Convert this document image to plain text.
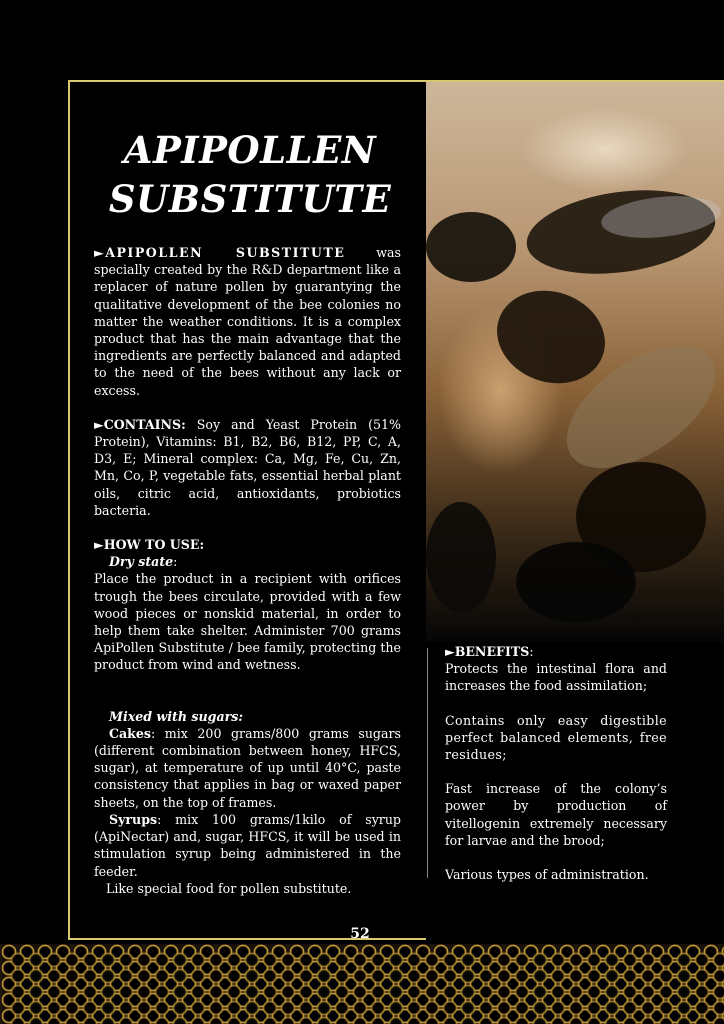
APIPOLLEN
SUBSTITUTE

►APIPOLLEN SUBSTITUTE was specially created by the R&D department like a replacer of nature pollen by guarantying the qualitative development of the bee colonies no matter the weather conditions. It is a complex product that has the main advantage that the ingredients are perfectly balanced and adapted to the need of the bees without any lack or excess.

►CONTAINS: Soy and Yeast Protein (51% Protein), Vitamins: B1, B2, B6, B12, PP, C, A, D3, E; Mineral complex: Ca, Mg, Fe, Cu, Zn, Mn, Co, P, vegetable fats, essential herbal plant oils, citric acid, antioxidants, probiotics bacteria.

►HOW TO USE:

Dry state:

Place the product in a recipient with orifices trough the bees circulate, provided with a few wood pieces or nonskid material, in order to help them take shelter. Administer 700 grams ApiPollen Substitute / bee family, protecting the product from wind and wetness.

Mixed with sugars:

Cakes: mix 200 grams/800 grams sugars (different combination between honey, HFCS, sugar), at temperature of up until 40°C, paste consistency that applies in bag or waxed paper sheets, on the top of frames.

Syrups: mix 100 grams/1kilo of syrup (ApiNectar) and, sugar, HFCS, it will be used in stimulation syrup being administered in the feeder.

Like special food for pollen substitute.

►BENEFITS:

Protects the intestinal flora and increases the food assimilation;

Contains only easy digestible perfect balanced elements, free residues;

Fast increase of the colony’s power by production of vitellogenin extremely necessary for larvae and the brood;

Various types of administration.

52
